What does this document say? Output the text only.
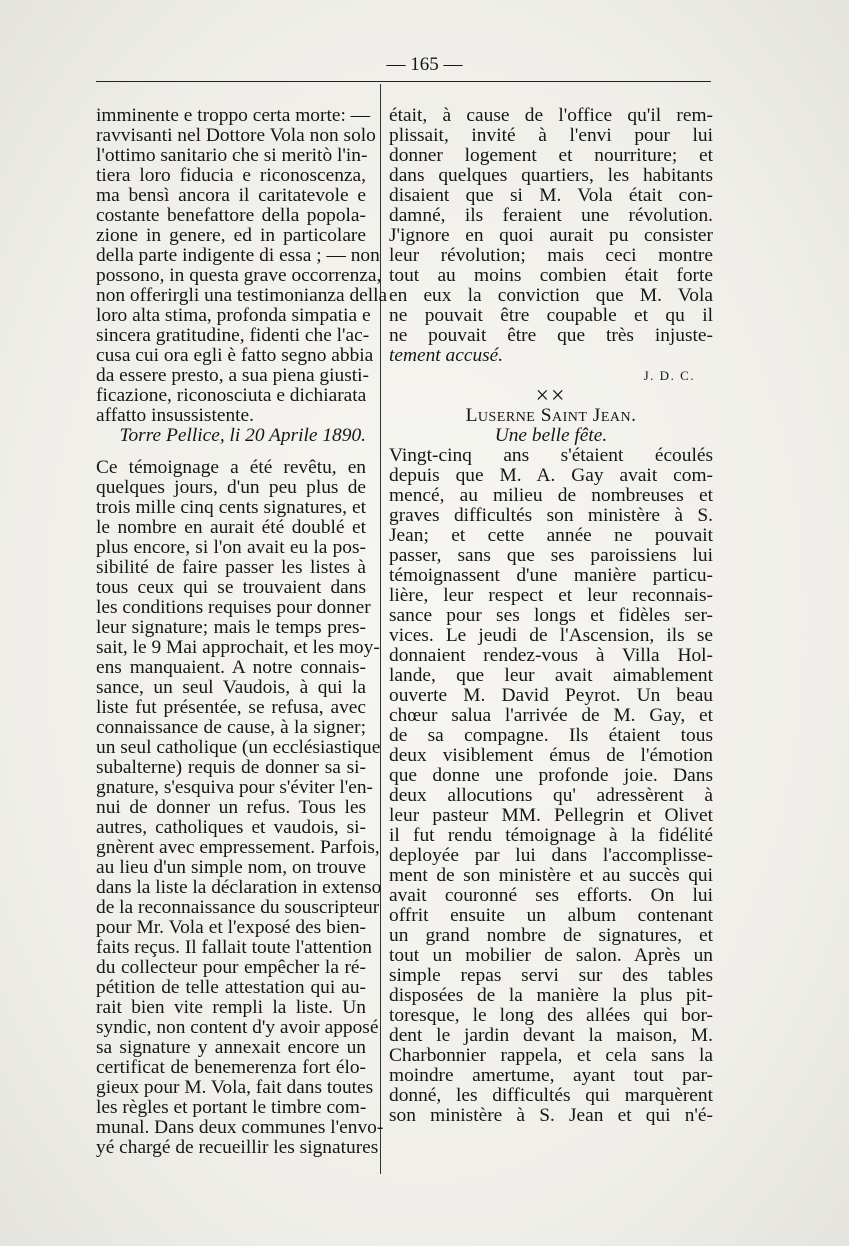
— 165 —
imminente e troppo certa morte: —
ravvisanti nel Dottore Vola non solo
l'ottimo sanitario che si meritò l'in-
tiera loro fiducia e riconoscenza,
ma bensì ancora il caritatevole e
costante benefattore della popola-
zione in genere, ed in particolare
della parte indigente di essa ; — non
possono, in questa grave occorrenza,
non offerirgli una testimonianza della
loro alta stima, profonda simpatia e
sincera gratitudine, fidenti che l'ac-
cusa cui ora egli è fatto segno abbia
da essere presto, a sua piena giusti-
ficazione, riconosciuta e dichiarata
affatto insussistente.
Torre Pellice, li 20 Aprile 1890.
Ce témoignage a été revêtu, en
quelques jours, d'un peu plus de
trois mille cinq cents signatures, et
le nombre en aurait été doublé et
plus encore, si l'on avait eu la pos-
sibilité de faire passer les listes à
tous ceux qui se trouvaient dans
les conditions requises pour donner
leur signature; mais le temps pres-
sait, le 9 Mai approchait, et les moy-
ens manquaient. A notre connais-
sance, un seul Vaudois, à qui la
liste fut présentée, se refusa, avec
connaissance de cause, à la signer;
un seul catholique (un ecclésiastique
subalterne) requis de donner sa si-
gnature, s'esquiva pour s'éviter l'en-
nui de donner un refus. Tous les
autres, catholiques et vaudois, si-
gnèrent avec empressement. Parfois,
au lieu d'un simple nom, on trouve
dans la liste la déclaration in extenso
de la reconnaissance du souscripteur
pour Mr. Vola et l'exposé des bien-
faits reçus. Il fallait toute l'attention
du collecteur pour empêcher la ré-
pétition de telle attestation qui au-
rait bien vite rempli la liste. Un
syndic, non content d'y avoir apposé
sa signature y annexait encore un
certificat de benemerenza fort élo-
gieux pour M. Vola, fait dans toutes
les règles et portant le timbre com-
munal. Dans deux communes l'envo-
yé chargé de recueillir les signatures
était, à cause de l'office qu'il rem-
plissait, invité à l'envi pour lui
donner logement et nourriture; et
dans quelques quartiers, les habitants
disaient que si M. Vola était con-
damné, ils feraient une révolution.
J'ignore en quoi aurait pu consister
leur révolution; mais ceci montre
tout au moins combien était forte
en eux la conviction que M. Vola
ne pouvait être coupable et qu il
ne pouvait être que très injuste-
tement accusé.
J. D. C.
××
Luserne Saint Jean.
Une belle fête.
Vingt-cinq ans s'étaient écoulés
depuis que M. A. Gay avait com-
mencé, au milieu de nombreuses et
graves difficultés son ministère à S.
Jean; et cette année ne pouvait
passer, sans que ses paroissiens lui
témoignassent d'une manière particu-
lière, leur respect et leur reconnais-
sance pour ses longs et fidèles ser-
vices. Le jeudi de l'Ascension, ils se
donnaient rendez-vous à Villa Hol-
lande, que leur avait aimablement
ouverte M. David Peyrot. Un beau
chœur salua l'arrivée de M. Gay, et
de sa compagne. Ils étaient tous
deux visiblement émus de l'émotion
que donne une profonde joie. Dans
deux allocutions qu' adressèrent à
leur pasteur MM. Pellegrin et Olivet
il fut rendu témoignage à la fidélité
deployée par lui dans l'accomplisse-
ment de son ministère et au succès qui
avait couronné ses efforts. On lui
offrit ensuite un album contenant
un grand nombre de signatures, et
tout un mobilier de salon. Après un
simple repas servi sur des tables
disposées de la manière la plus pit-
toresque, le long des allées qui bor-
dent le jardin devant la maison, M.
Charbonnier rappela, et cela sans la
moindre amertume, ayant tout par-
donné, les difficultés qui marquèrent
son ministère à S. Jean et qui n'é-
